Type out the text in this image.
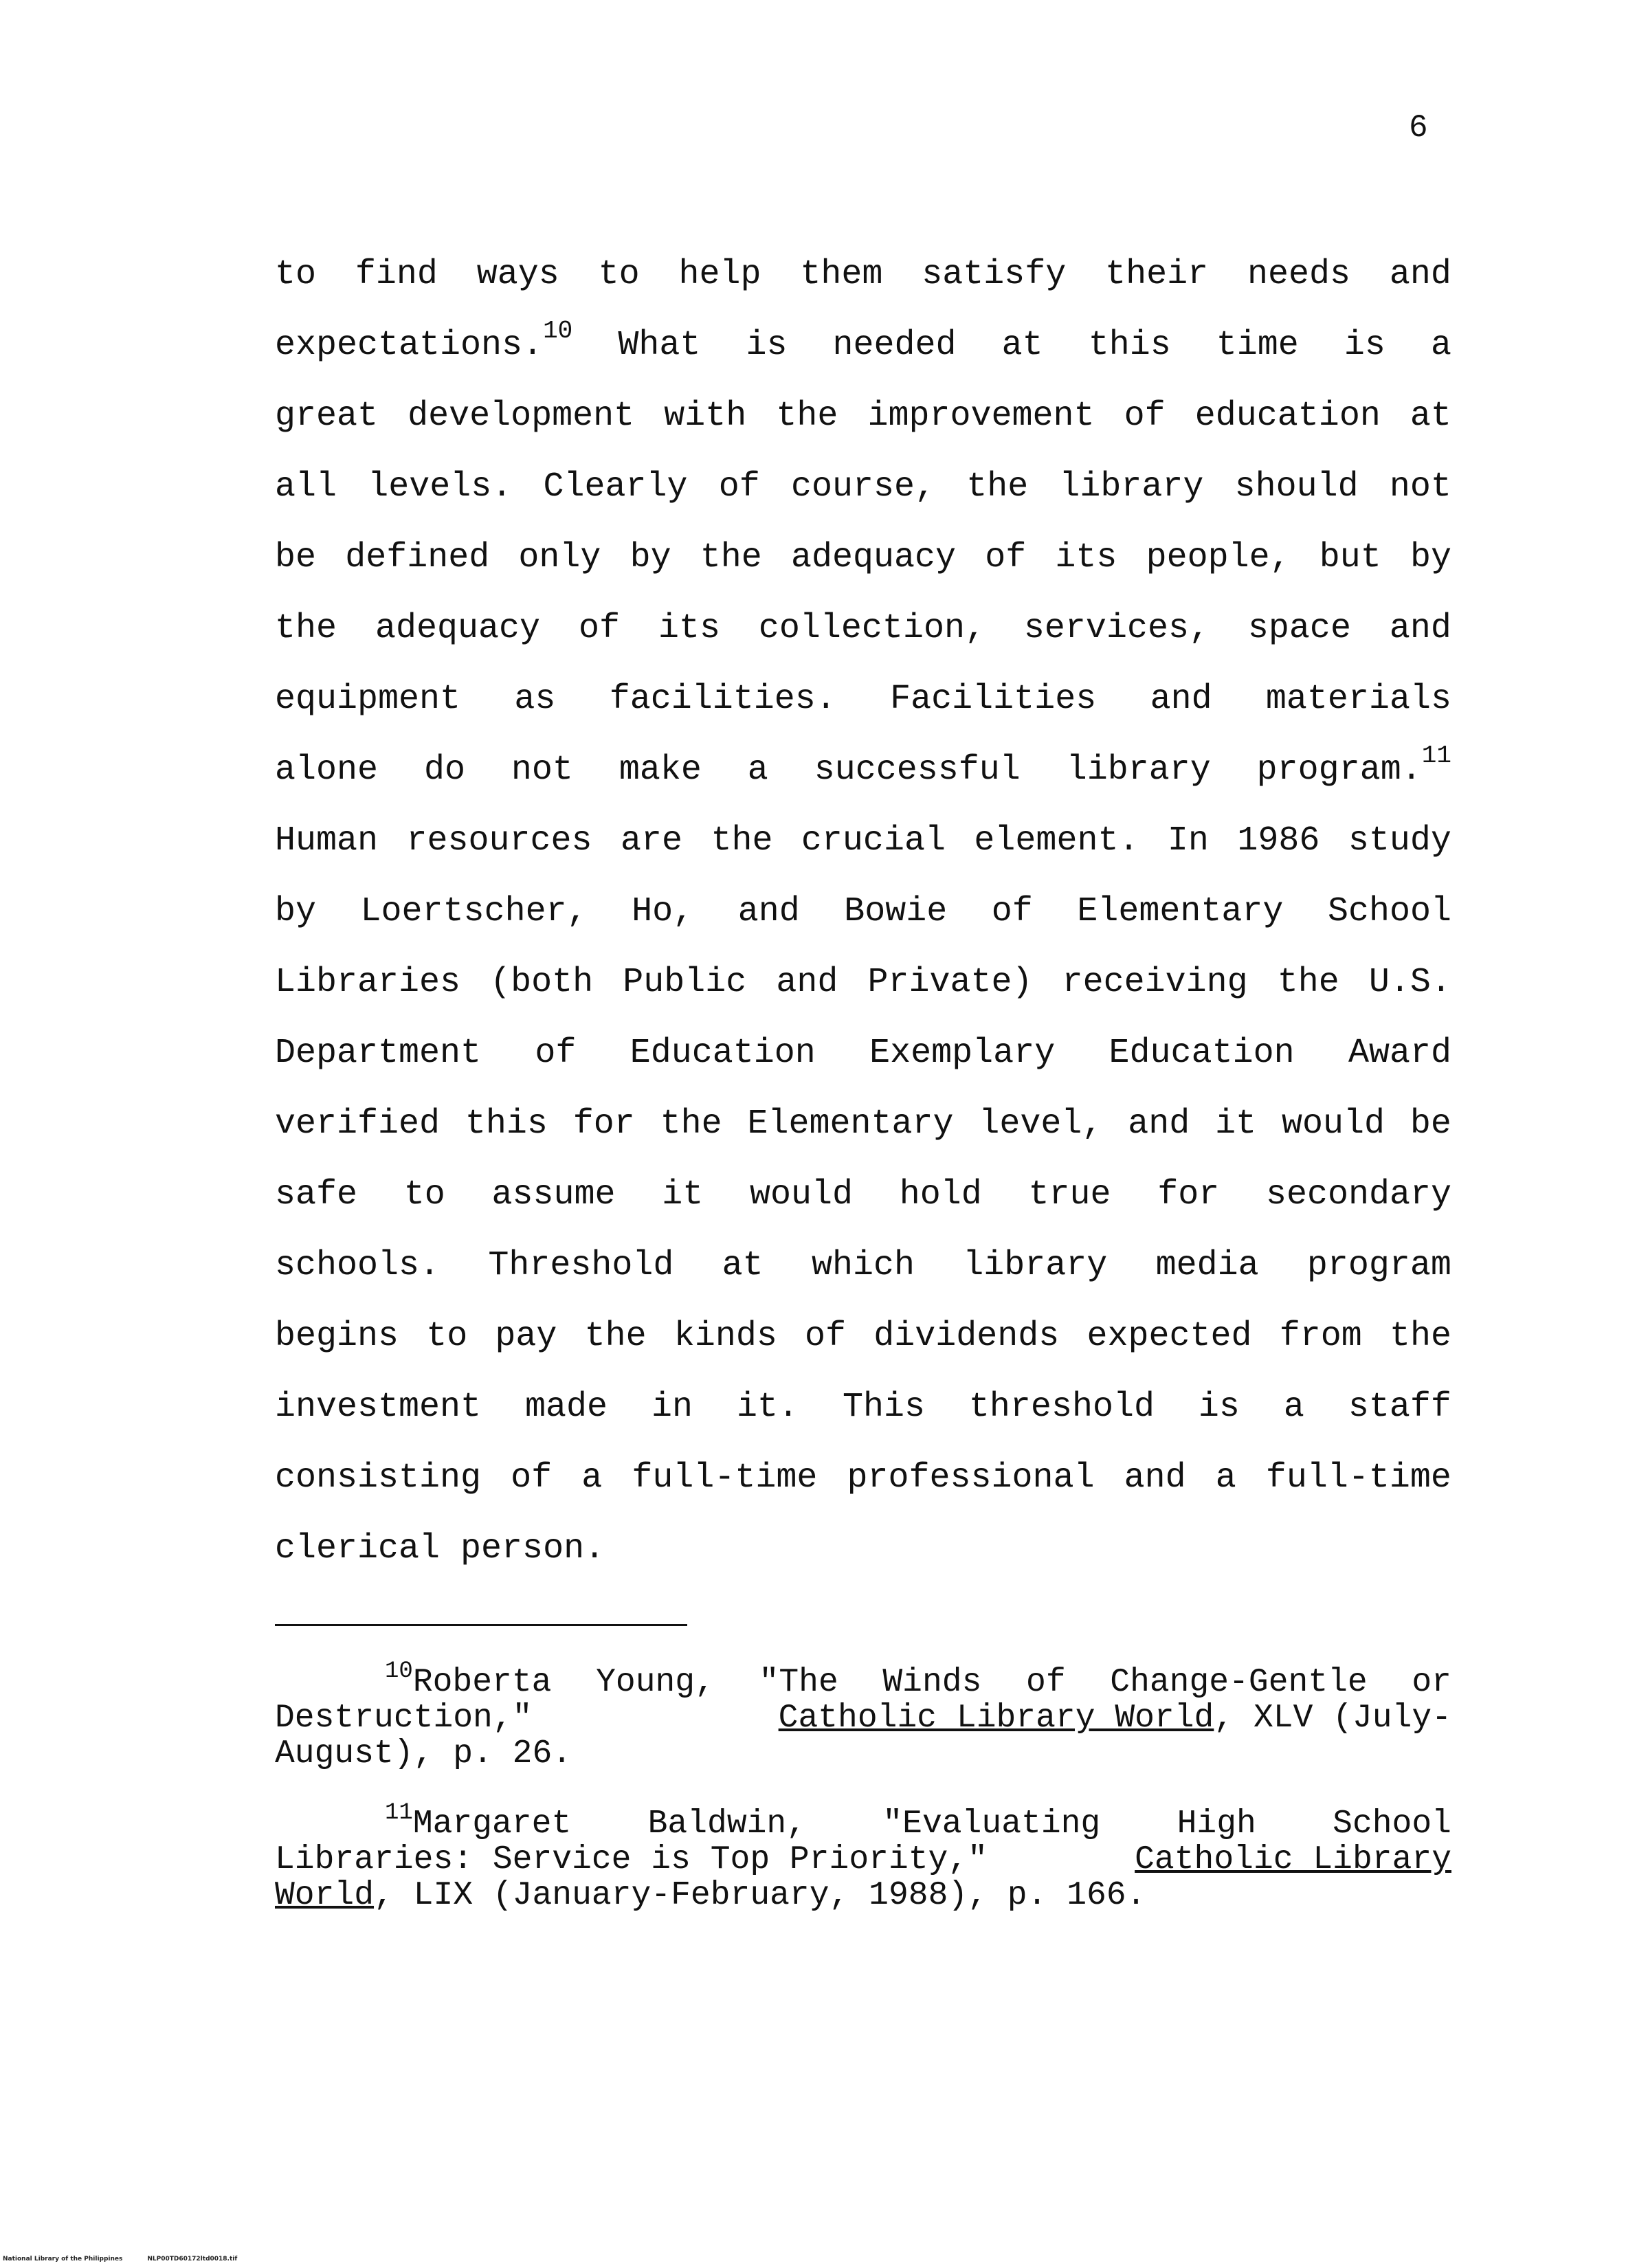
6
to find ways to help them satisfy their needs and
expectations.$^{10}$ What is needed at this time is a
great development with the improvement of education at
all levels. Clearly of course, the library should not
be defined only by the adequacy of its people, but by
the adequacy of its collection, services, space and
equipment as facilities. Facilities and materials
alone do not make a successful library program.$^{11}$
Human resources are the crucial element. In 1986 study
by Loertscher, Ho, and Bowie of Elementary School
Libraries (both Public and Private) receiving the U.S.
Department of Education Exemplary Education Award
verified this for the Elementary level, and it would be
safe to assume it would hold true for secondary
schools. Threshold at which library media program
begins to pay the kinds of dividends expected from the
investment made in it. This threshold is a staff
consisting of a full-time professional and a full-time
clerical person.
$^{10}$Roberta Young, "The Winds of Change-Gentle or
Destruction,"	Catholic Library World, XLV (July-
August), p. 26.
$^{11}$Margaret Baldwin, "Evaluating High School
Libraries: Service is Top Priority,"	Catholic Library
World , LIX (January-February, 1988), p. 166.
National Library of the Philippines	NLP00TD60172ltd0018.tif
